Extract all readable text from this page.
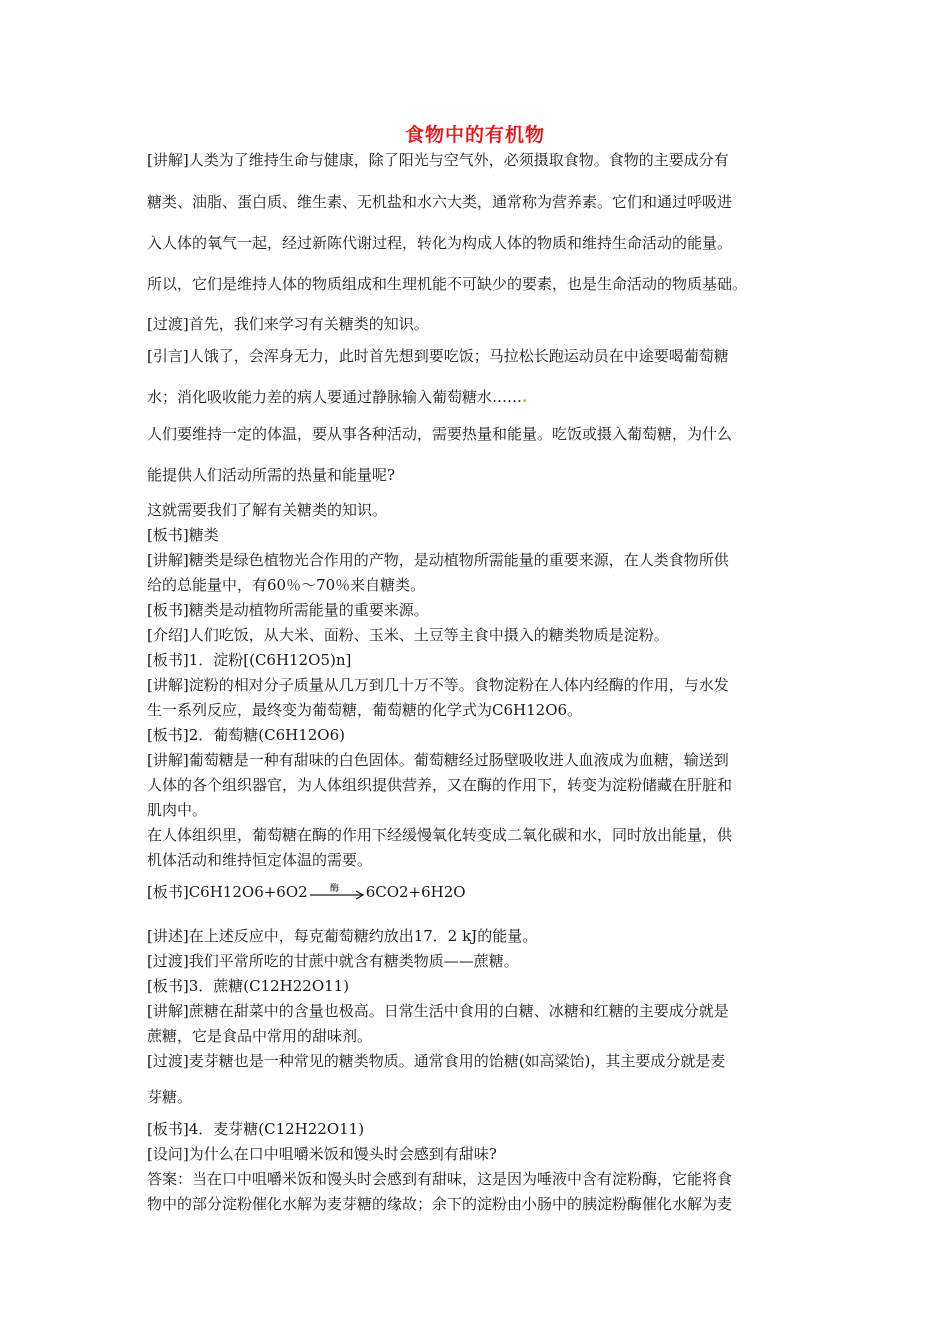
食物中的有机物
[讲解]人类为了维持生命与健康，除了阳光与空气外，必须摄取食物。食物的主要成分有
糖类、油脂、蛋白质、维生素、无机盐和水六大类，通常称为营养素。它们和通过呼吸进
入人体的氧气一起，经过新陈代谢过程，转化为构成人体的物质和维持生命活动的能量。
所以，它们是维持人体的物质组成和生理机能不可缺少的要素，也是生命活动的物质基础。
[过渡]首先，我们来学习有关糖类的知识。
[引言]人饿了，会浑身无力，此时首先想到要吃饭；马拉松长跑运动员在中途要喝葡萄糖
水；消化吸收能力差的病人要通过静脉输入葡萄糖水…….
人们要维持一定的体温，要从事各种活动，需要热量和能量。吃饭或摄入葡萄糖，为什么
能提供人们活动所需的热量和能量呢?
这就需要我们了解有关糖类的知识。
[板书]糖类
[讲解]糖类是绿色植物光合作用的产物，是动植物所需能量的重要来源，在人类食物所供
给的总能量中，有60％～70％来自糖类。
[板书]糖类是动植物所需能量的重要来源。
[介绍]人们吃饭，从大米、面粉、玉米、土豆等主食中摄入的糖类物质是淀粉。
[板书]1．淀粉[(C6H12O5)n]
[讲解]淀粉的相对分子质量从几万到几十万不等。食物淀粉在人体内经酶的作用，与水发
生一系列反应，最终变为葡萄糖，葡萄糖的化学式为C6H12O6。
[板书]2．葡萄糖(C6H12O6)
[讲解]葡萄糖是一种有甜味的白色固体。葡萄糖经过肠壁吸收进人血液成为血糖，输送到
人体的各个组织器官，为人体组织提供营养，又在酶的作用下，转变为淀粉储藏在肝脏和
肌肉中。
在人体组织里，葡萄糖在酶的作用下经缓慢氧化转变成二氧化碳和水，同时放出能量，供
机体活动和维持恒定体温的需要。
[板书]C6H12O6+6O2 酶 6CO2+6H2O
[讲述]在上述反应中，每克葡萄糖约放出17．2 kJ的能量。
[过渡]我们平常所吃的甘蔗中就含有糖类物质——蔗糖。
[板书]3．蔗糖(C12H22O11)
[讲解]蔗糖在甜菜中的含量也极高。日常生活中食用的白糖、冰糖和红糖的主要成分就是
蔗糖，它是食品中常用的甜味剂。
[过渡]麦芽糖也是一种常见的糖类物质。通常食用的饴糖(如高粱饴)，其主要成分就是麦
芽糖。
[板书]4．麦芽糖(C12H22O11)
[设问]为什么在口中咀嚼米饭和馒头时会感到有甜味?
答案：当在口中咀嚼米饭和馒头时会感到有甜味，这是因为唾液中含有淀粉酶，它能将食
物中的部分淀粉催化水解为麦芽糖的缘故；余下的淀粉由小肠中的胰淀粉酶催化水解为麦
